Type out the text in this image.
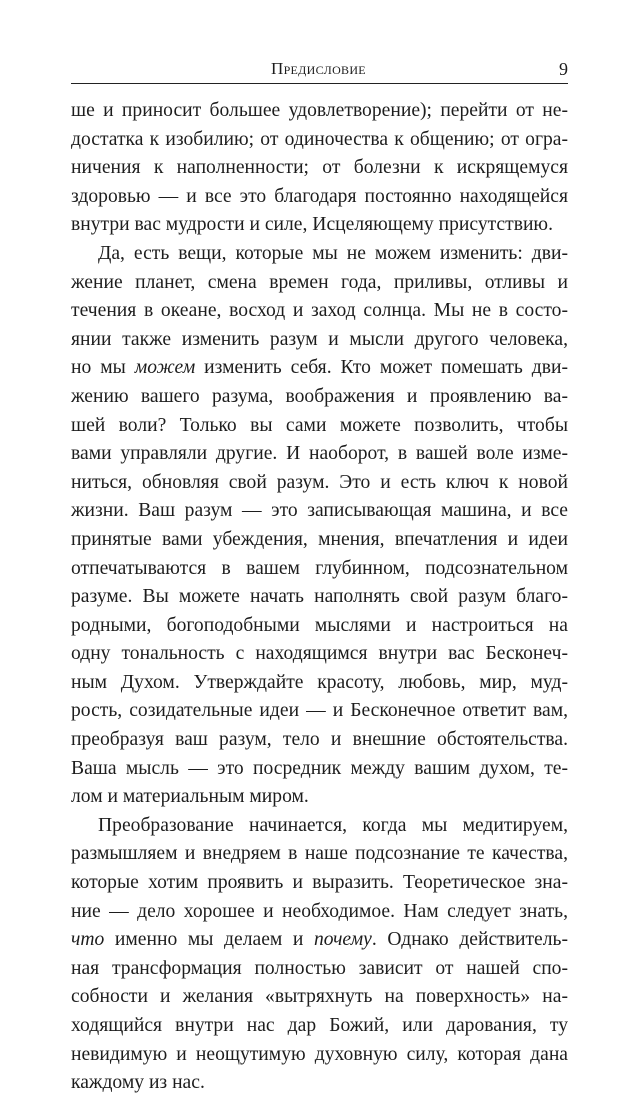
Предисловие	9
ше и приносит большее удовлетворение); перейти от не-
достатка к изобилию; от одиночества к общению; от огра-
ничения к наполненности; от болезни к искрящемуся
здоровью — и все это благодаря постоянно находящейся
внутри вас мудрости и силе, Исцеляющему присутствию.
Да, есть вещи, которые мы не можем изменить: дви-
жение планет, смена времен года, приливы, отливы и
течения в океане, восход и заход солнца. Мы не в состо-
янии также изменить разум и мысли другого человека,
но мы можем изменить себя. Кто может помешать дви-
жению вашего разума, воображения и проявлению ва-
шей воли? Только вы сами можете позволить, чтобы
вами управляли другие. И наоборот, в вашей воле изме-
ниться, обновляя свой разум. Это и есть ключ к новой
жизни. Ваш разум — это записывающая машина, и все
принятые вами убеждения, мнения, впечатления и идеи
отпечатываются в вашем глубинном, подсознательном
разуме. Вы можете начать наполнять свой разум благо-
родными, богоподобными мыслями и настроиться на
одну тональность с находящимся внутри вас Бесконеч-
ным Духом. Утверждайте красоту, любовь, мир, муд-
рость, созидательные идеи — и Бесконечное ответит вам,
преобразуя ваш разум, тело и внешние обстоятельства.
Ваша мысль — это посредник между вашим духом, те-
лом и материальным миром.
Преобразование начинается, когда мы медитируем,
размышляем и внедряем в наше подсознание те качества,
которые хотим проявить и выразить. Теоретическое зна-
ние — дело хорошее и необходимое. Нам следует знать,
что именно мы делаем и почему. Однако действитель-
ная трансформация полностью зависит от нашей спо-
собности и желания «вытряхнуть на поверхность» на-
ходящийся внутри нас дар Божий, или дарования, ту
невидимую и неощутимую духовную силу, которая дана
каждому из нас.
